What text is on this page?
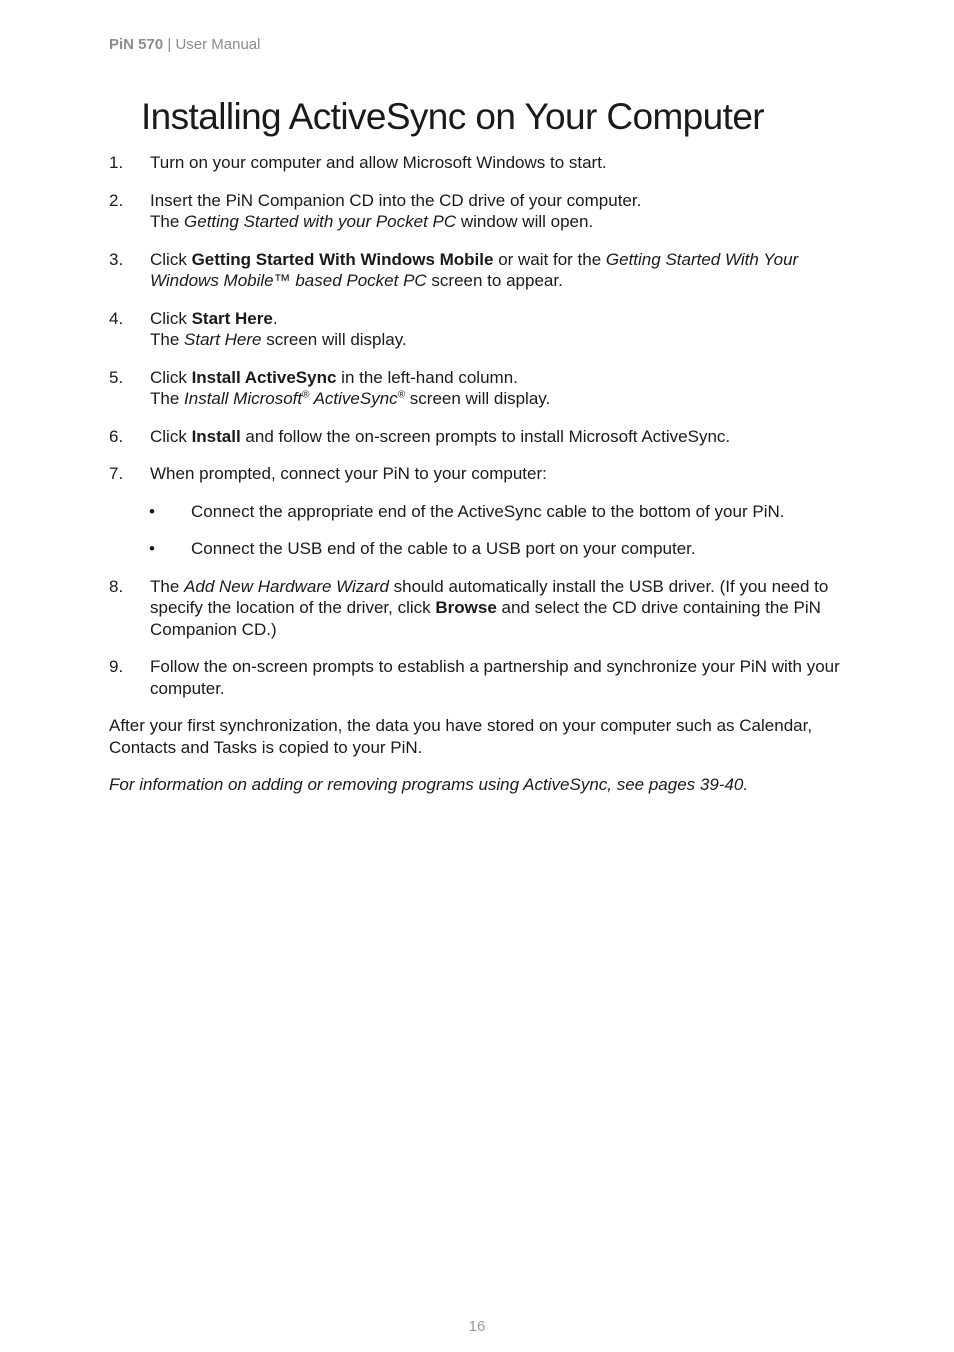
PiN 570 | User Manual
Installing ActiveSync on Your Computer
1. Turn on your computer and allow Microsoft Windows to start.
2. Insert the PiN Companion CD into the CD drive of your computer.
The Getting Started with your Pocket PC window will open.
3. Click Getting Started With Windows Mobile or wait for the Getting Started With Your Windows Mobile™ based Pocket PC screen to appear.
4. Click Start Here.
The Start Here screen will display.
5. Click Install ActiveSync in the left-hand column.
The Install Microsoft® ActiveSync® screen will display.
6. Click Install and follow the on-screen prompts to install Microsoft ActiveSync.
7. When prompted, connect your PiN to your computer:
• Connect the appropriate end of the ActiveSync cable to the bottom of your PiN.
• Connect the USB end of the cable to a USB port on your computer.
8. The Add New Hardware Wizard should automatically install the USB driver. (If you need to specify the location of the driver, click Browse and select the CD drive containing the PiN Companion CD.)
9. Follow the on-screen prompts to establish a partnership and synchronize your PiN with your computer.
After your first synchronization, the data you have stored on your computer such as Calendar, Contacts and Tasks is copied to your PiN.
For information on adding or removing programs using ActiveSync, see pages 39-40.
16
